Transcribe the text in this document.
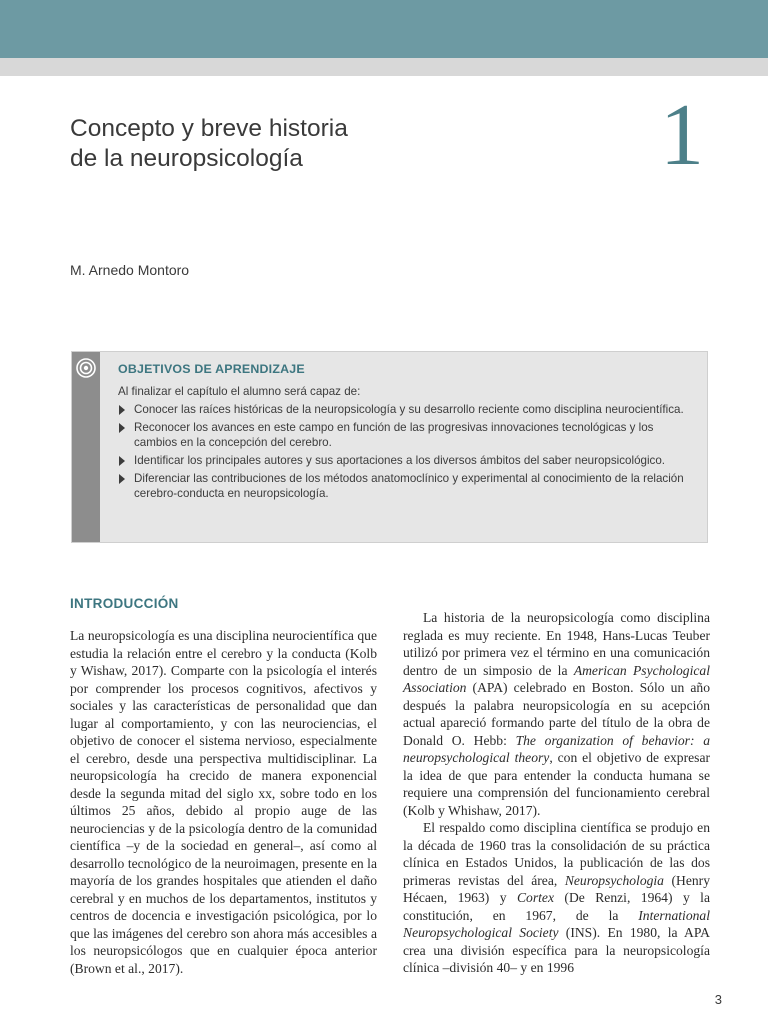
Concepto y breve historia
de la neuropsicología	1
M. Arnedo Montoro
OBJETIVOS DE APRENDIZAJE
Al finalizar el capítulo el alumno será capaz de:
Conocer las raíces históricas de la neuropsicología y su desarrollo reciente como disciplina neurocientífica.
Reconocer los avances en este campo en función de las progresivas innovaciones tecnológicas y los cambios en la concepción del cerebro.
Identificar los principales autores y sus aportaciones a los diversos ámbitos del saber neuropsicológico.
Diferenciar las contribuciones de los métodos anatomoclínico y experimental al conocimiento de la relación cerebro-conducta en neuropsicología.
INTRODUCCIÓN

La neuropsicología es una disciplina neurocientífica que estudia la relación entre el cerebro y la conducta (Kolb y Wishaw, 2017). Comparte con la psicología el interés por comprender los procesos cognitivos, afectivos y sociales y las características de personalidad que dan lugar al comportamiento, y con las neurociencias, el objetivo de conocer el sistema nervioso, especialmente el cerebro, desde una perspectiva multidisciplinar. La neuropsicología ha crecido de manera exponencial desde la segunda mitad del siglo xx, sobre todo en los últimos 25 años, debido al propio auge de las neurociencias y de la psicología dentro de la comunidad científica –y de la sociedad en general–, así como al desarrollo tecnológico de la neuroimagen, presente en la mayoría de los grandes hospitales que atienden el daño cerebral y en muchos de los departamentos, institutos y centros de docencia e investigación psicológica, por lo que las imágenes del cerebro son ahora más accesibles a los neuropsicólogos que en cualquier época anterior (Brown et al., 2017).

La historia de la neuropsicología como disciplina reglada es muy reciente. En 1948, Hans-Lucas Teuber utilizó por primera vez el término en una comunicación dentro de un simposio de la American Psychological Association (APA) celebrado en Boston. Sólo un año después la palabra neuropsicología en su acepción actual apareció formando parte del título de la obra de Donald O. Hebb: The organization of behavior: a neuropsychological theory, con el objetivo de expresar la idea de que para entender la conducta humana se requiere una comprensión del funcionamiento cerebral (Kolb y Whishaw, 2017).

El respaldo como disciplina científica se produjo en la década de 1960 tras la consolidación de su práctica clínica en Estados Unidos, la publicación de las dos primeras revistas del área, Neuropsychologia (Henry Hécaen, 1963) y Cortex (De Renzi, 1964) y la constitución, en 1967, de la International Neuropsychological Society (INS). En 1980, la APA crea una división específica para la neuropsicología clínica –división 40– y en 1996

3
